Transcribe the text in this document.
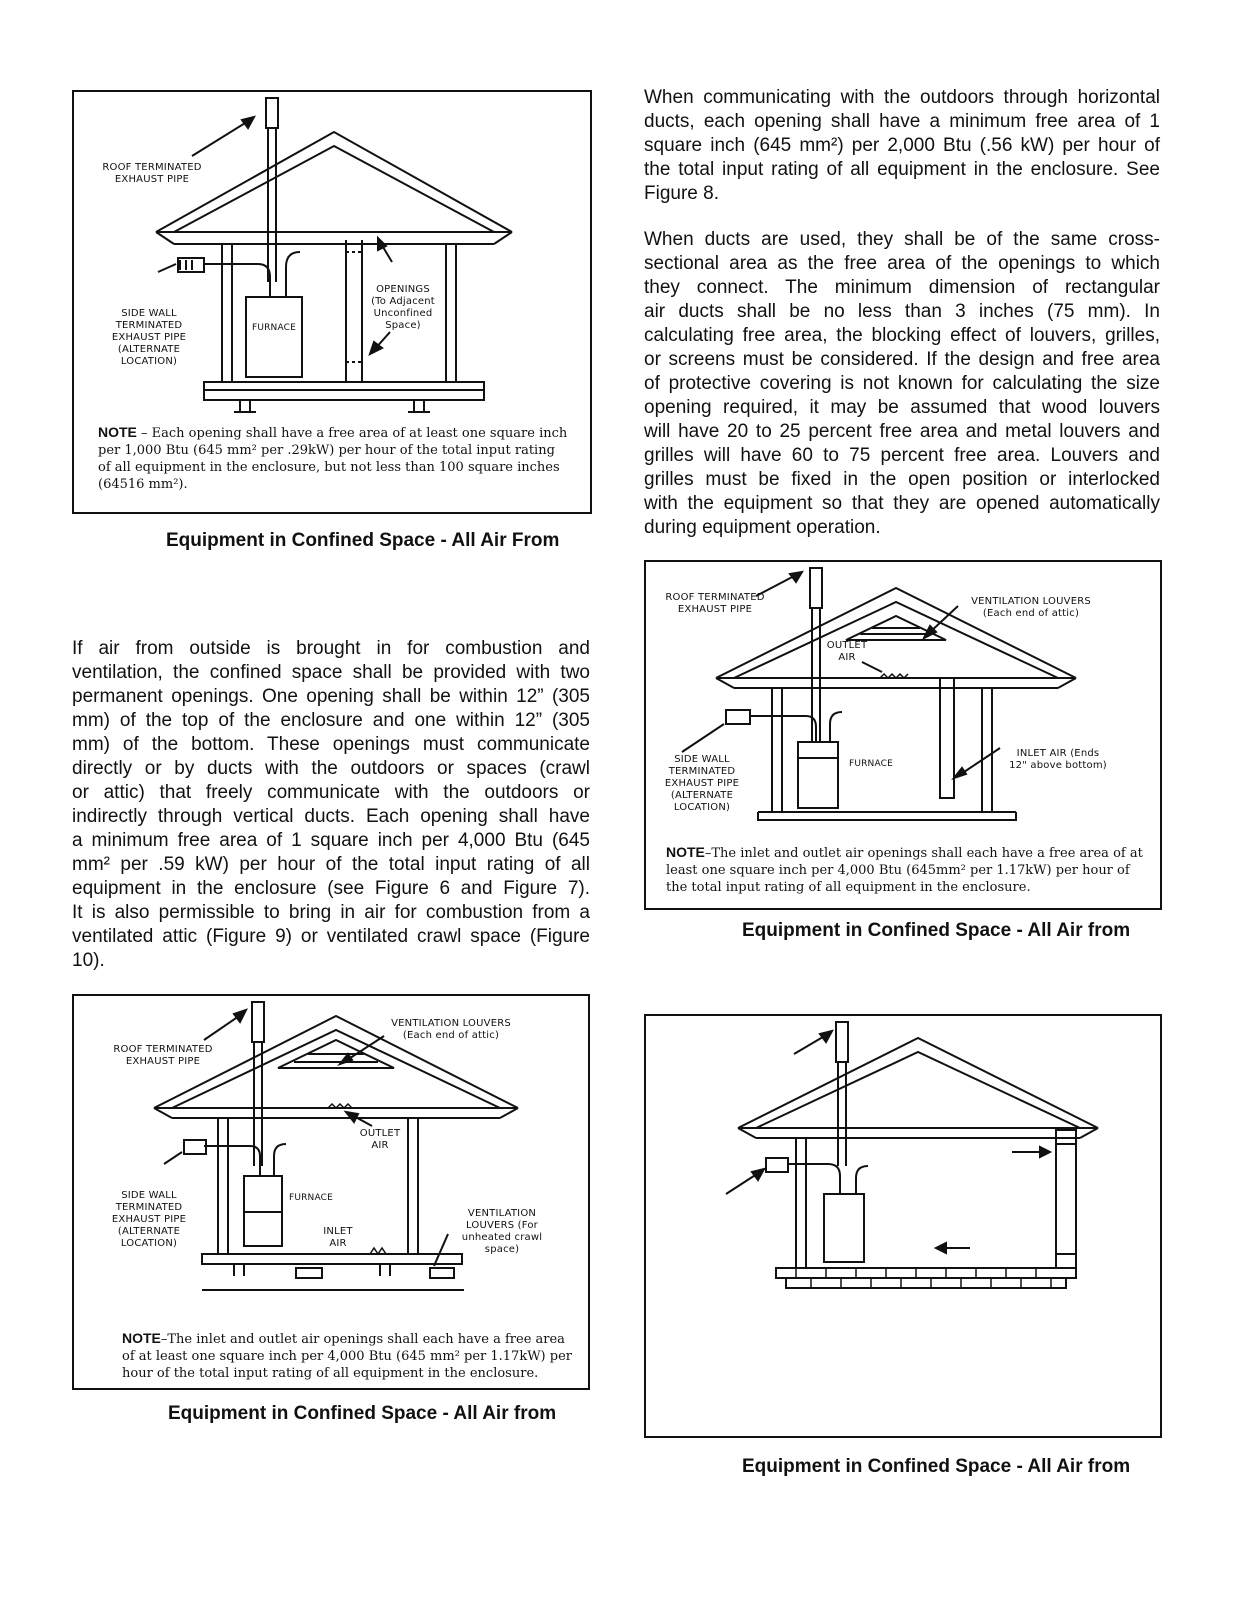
ROOF TERMINATED EXHAUST PIPE
SIDE WALL TERMINATED EXHAUST PIPE (ALTERNATE LOCATION)
FURNACE
OPENINGS (To Adjacent Unconfined Space)
NOTE – Each opening shall have a free area of at least one square inch per 1,000 Btu (645 mm² per .29kW) per hour of the total input rating of all equipment in the enclosure, but not less than 100 square inches (64516 mm²).
Equipment in Confined Space - All Air From
When communicating with the outdoors through horizontal
ducts, each opening shall have a minimum free area of 1
square inch (645 mm²) per 2,000 Btu (.56 kW) per hour of
the total input rating of all equipment in the enclosure. See
Figure 8.
When ducts are used, they shall be of the same cross-
sectional area as the free area of the openings to which
they connect. The minimum dimension of rectangular
air ducts shall be no less than 3 inches (75 mm). In
calculating free area, the blocking effect of louvers, grilles,
or screens must be considered. If the design and free area
of protective covering is not known for calculating the size
opening required, it may be assumed that wood louvers
will have 20 to 25 percent free area and metal louvers and
grilles will have 60 to 75 percent free area. Louvers and
grilles must be fixed in the open position or interlocked
with the equipment so that they are opened automatically
during equipment operation.
ROOF TERMINATED EXHAUST PIPE
VENTILATION LOUVERS (Each end of attic)
OUTLET AIR
SIDE WALL TERMINATED EXHAUST PIPE (ALTERNATE LOCATION)
FURNACE
INLET AIR (Ends 12" above bottom)
NOTE–The inlet and outlet air openings shall each have a free area of at least one square inch per 4,000 Btu (645mm² per 1.17kW) per hour of the total input rating of all equipment in the enclosure.
Equipment in Confined Space - All Air from
If air from outside is brought in for combustion and
ventilation, the confined space shall be provided with two
permanent openings. One opening shall be within 12” (305
mm) of the top of the enclosure and one within 12” (305
mm) of the bottom. These openings must communicate
directly or by ducts with the outdoors or spaces (crawl
or attic) that freely communicate with the outdoors or
indirectly through vertical ducts. Each opening shall have
a minimum free area of 1 square inch per 4,000 Btu (645
mm² per .59 kW) per hour of the total input rating of all
equipment in the enclosure (see Figure 6 and Figure 7).
It is also permissible to bring in air for combustion from a
ventilated attic (Figure 9) or ventilated crawl space (Figure
10).
ROOF TERMINATED EXHAUST PIPE
VENTILATION LOUVERS (Each end of attic)
OUTLET AIR
SIDE WALL TERMINATED EXHAUST PIPE (ALTERNATE LOCATION)
FURNACE
INLET AIR
VENTILATION LOUVERS (For unheated crawl space)
NOTE–The inlet and outlet air openings shall each have a free area of at least one square inch per 4,000 Btu (645 mm² per 1.17kW) per hour of the total input rating of all equipment in the enclosure.
Equipment in Confined Space - All Air from
Equipment in Confined Space - All Air from
